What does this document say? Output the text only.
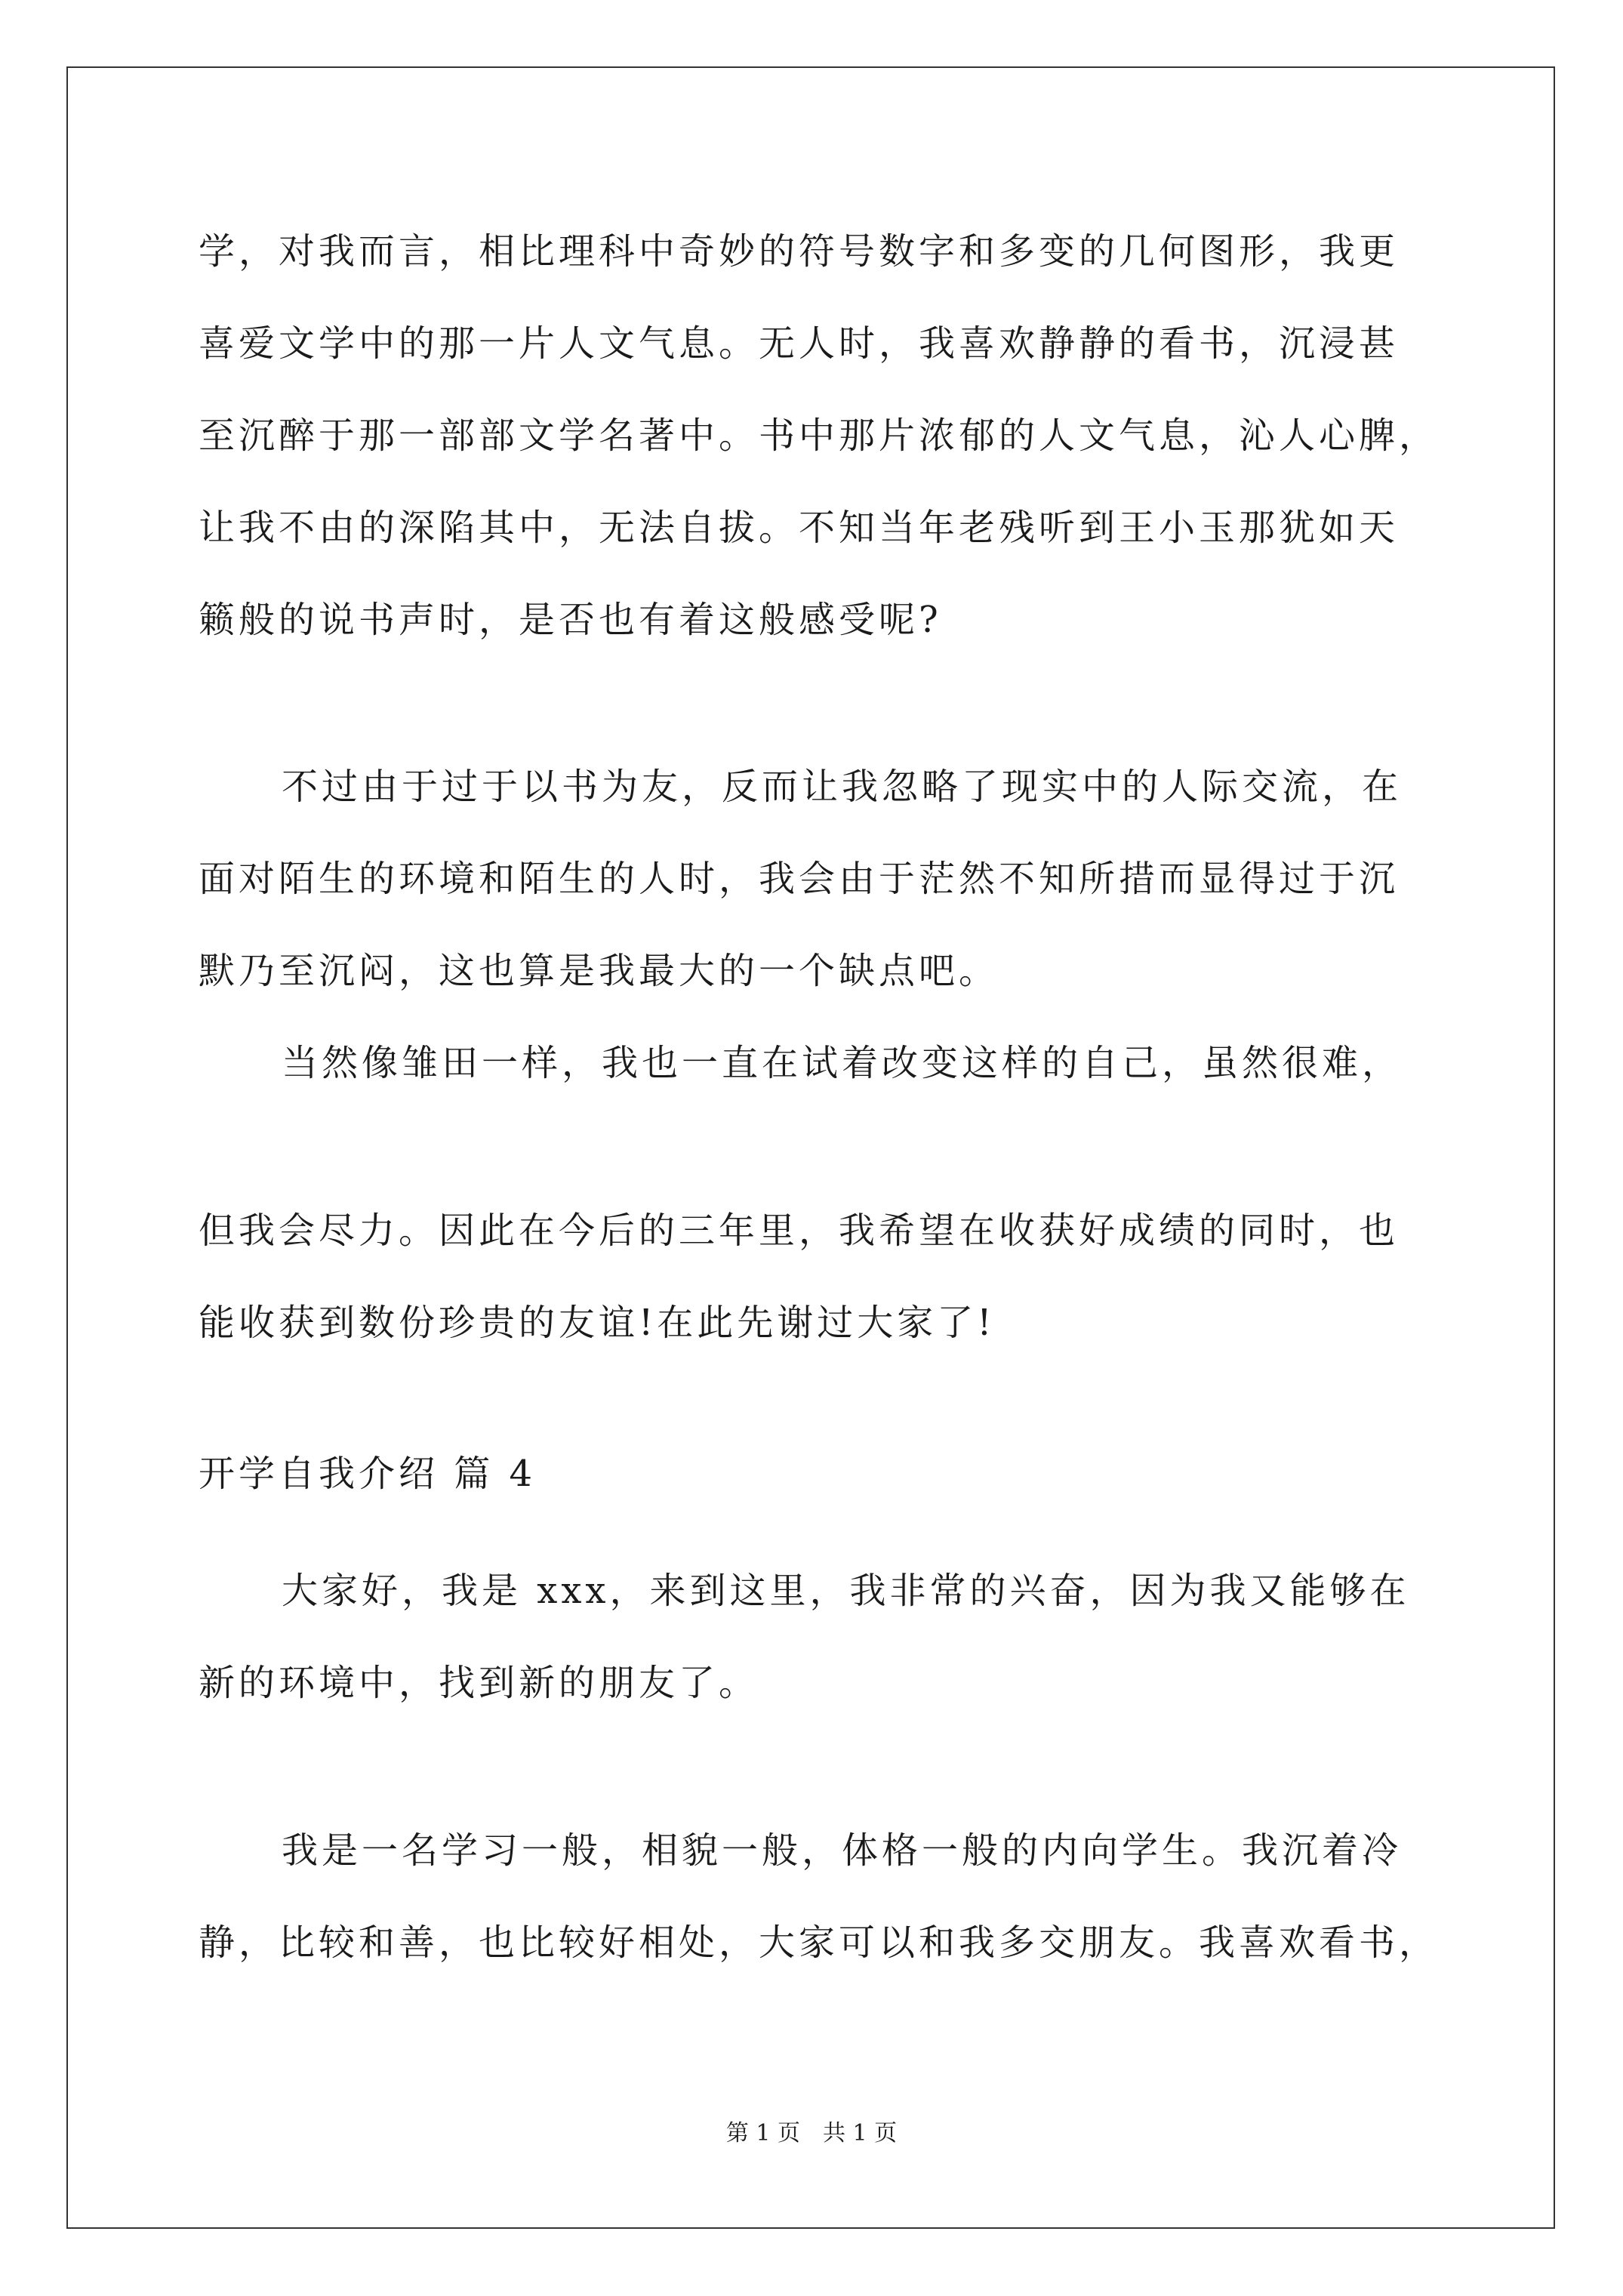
学，对我而言，相比理科中奇妙的符号数字和多变的几何图形，我更
喜爱文学中的那一片人文气息。无人时，我喜欢静静的看书，沉浸甚
至沉醉于那一部部文学名著中。书中那片浓郁的人文气息，沁人心脾，
让我不由的深陷其中，无法自拔。不知当年老残听到王小玉那犹如天
籁般的说书声时，是否也有着这般感受呢?
不过由于过于以书为友，反而让我忽略了现实中的人际交流，在
面对陌生的环境和陌生的人时，我会由于茫然不知所措而显得过于沉
默乃至沉闷，这也算是我最大的一个缺点吧。
当然像雏田一样，我也一直在试着改变这样的自己，虽然很难，
但我会尽力。因此在今后的三年里，我希望在收获好成绩的同时，也
能收获到数份珍贵的友谊!在此先谢过大家了!
开学自我介绍 篇 4
大家好，我是 xxx，来到这里，我非常的兴奋，因为我又能够在
新的环境中，找到新的朋友了。
我是一名学习一般，相貌一般，体格一般的内向学生。我沉着冷
静，比较和善，也比较好相处，大家可以和我多交朋友。我喜欢看书，
第 1 页　共 1 页
